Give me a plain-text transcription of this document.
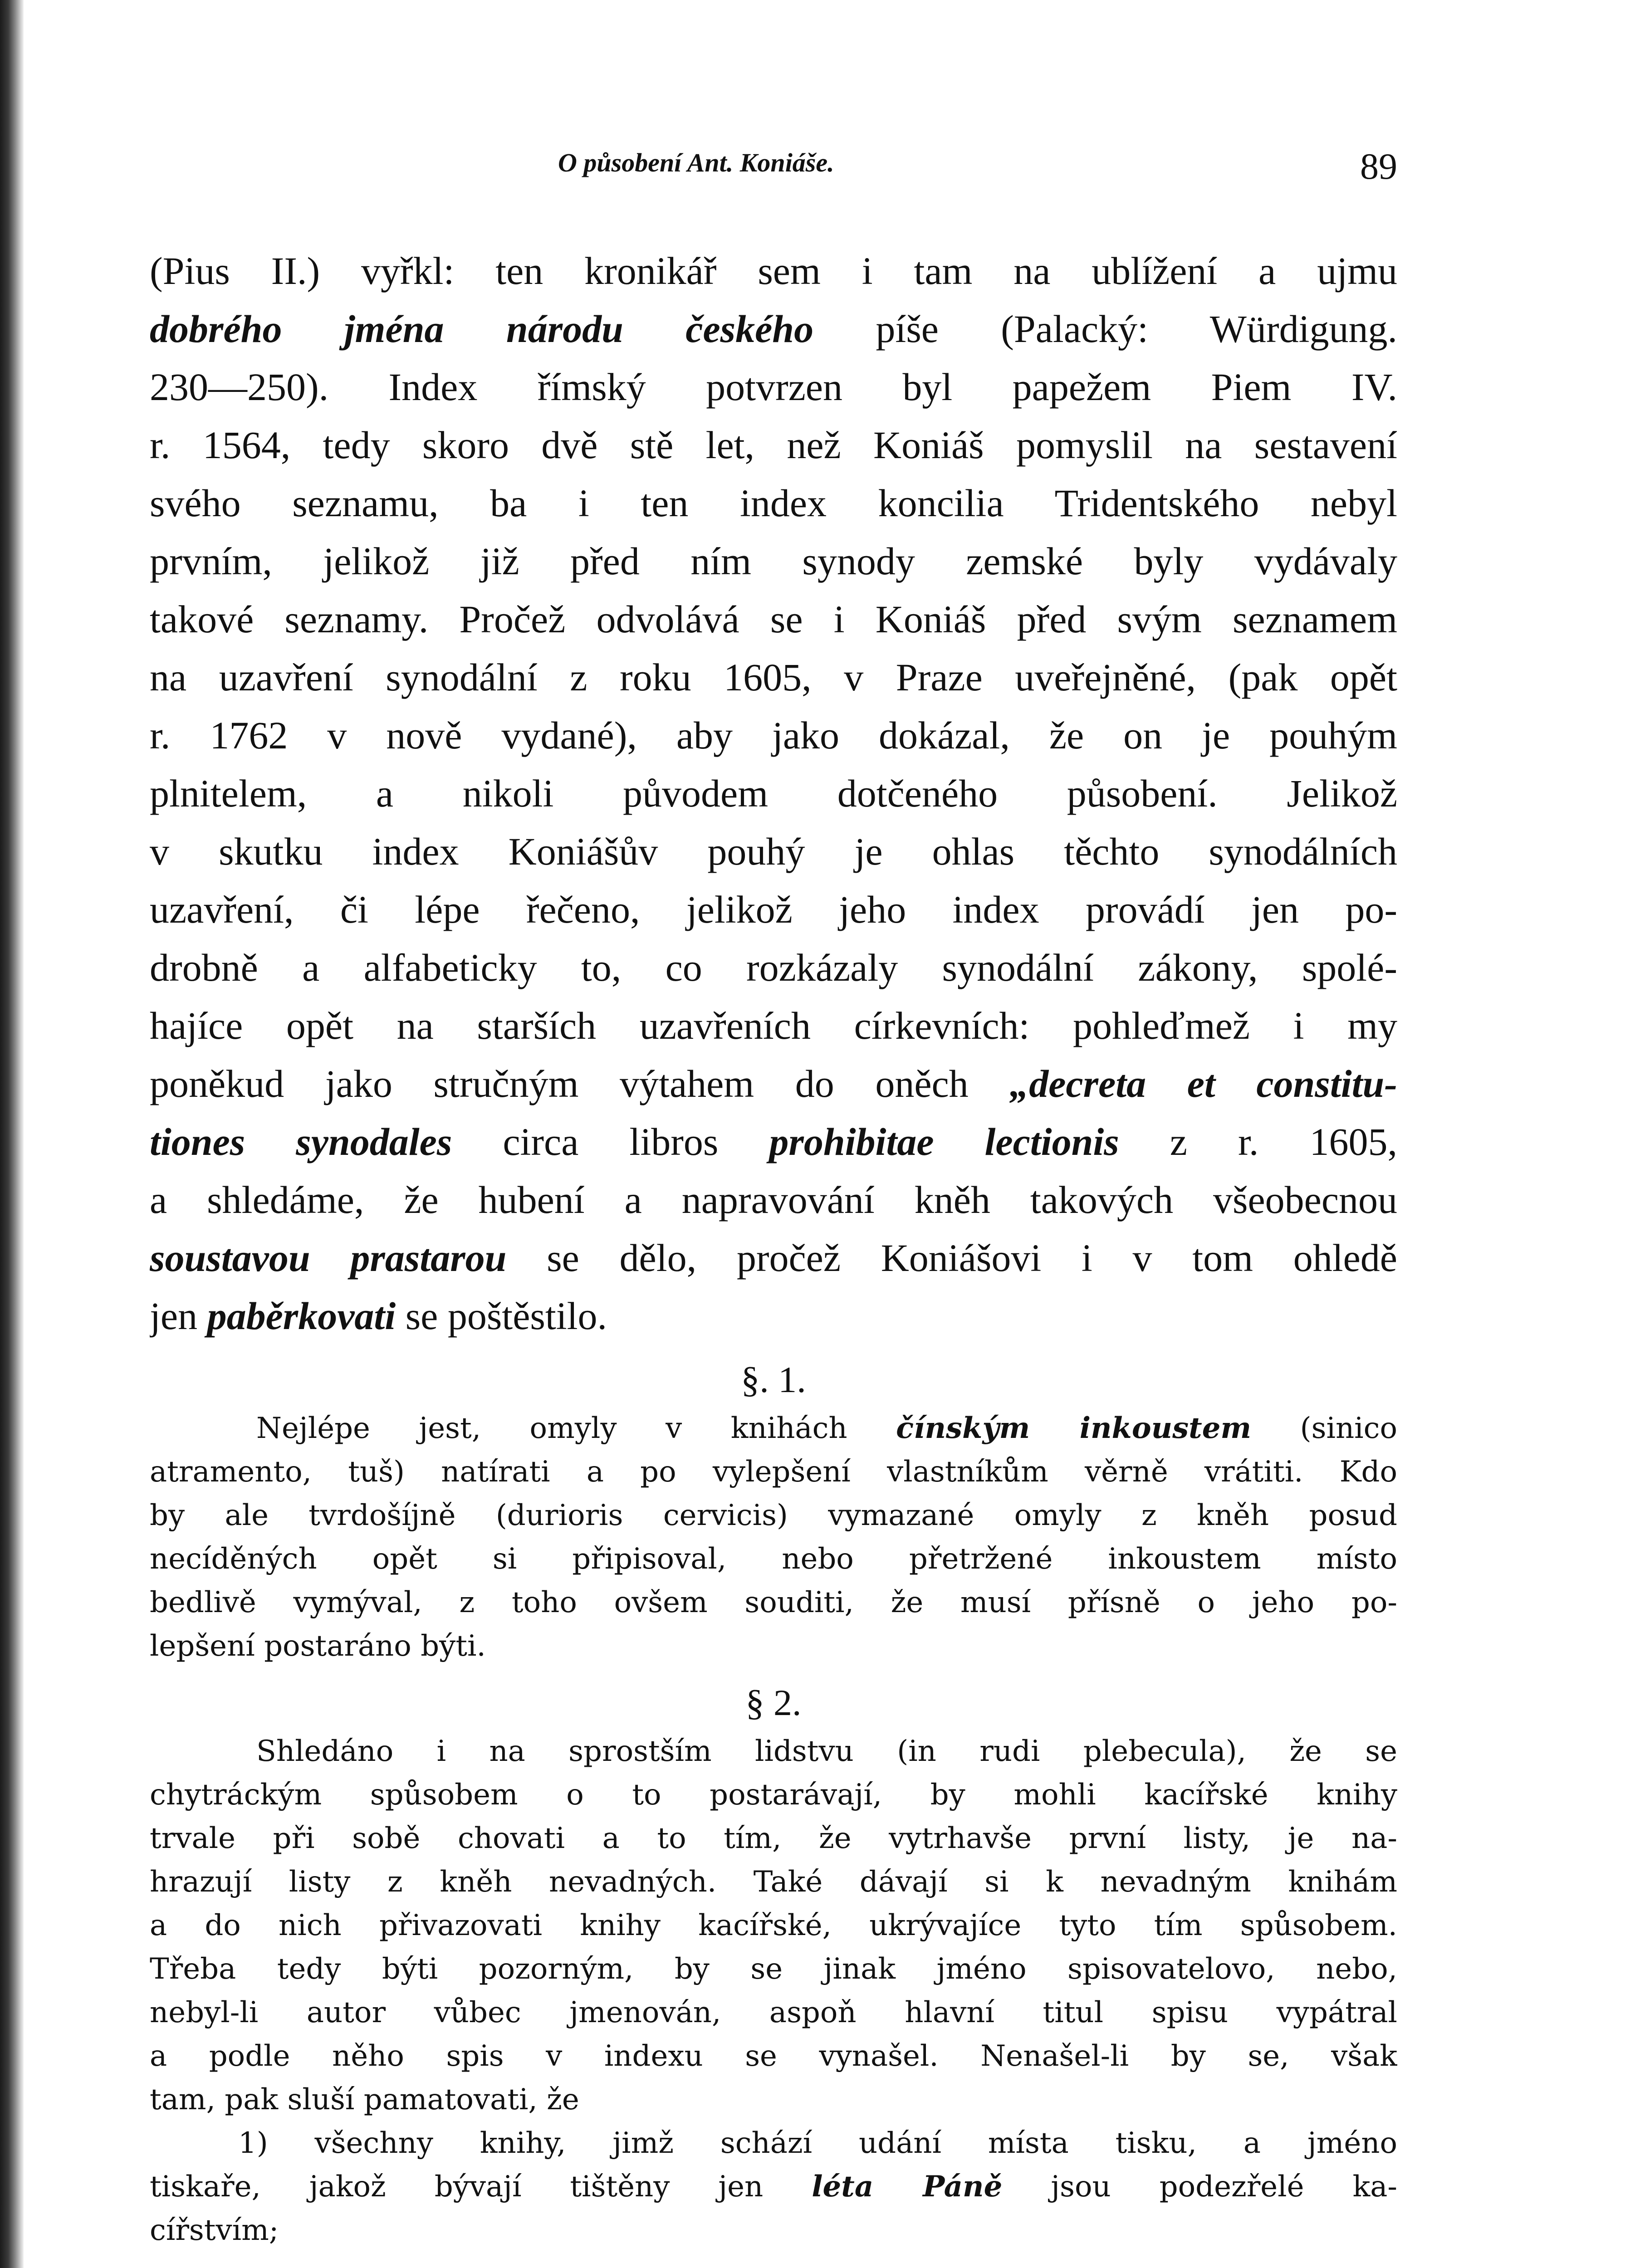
O působení Ant. Koniáše.	89
(Pius II.) vyřkl: ten kronikář sem i tam na ublížení a ujmu
dobrého jména národu českého píše (Palacký: Würdigung.
230—250). Index římský potvrzen byl papežem Piem IV.
r. 1564, tedy skoro dvě stě let, než Koniáš pomyslil na sestavení
svého seznamu, ba i ten index koncilia Tridentského nebyl
prvním, jelikož již před ním synody zemské byly vydávaly
takové seznamy. Pročež odvolává se i Koniáš před svým seznamem
na uzavření synodální z roku 1605, v Praze uveřejněné, (pak opět
r. 1762 v nově vydané), aby jako dokázal, že on je pouhým
plnitelem, a nikoli původem dotčeného působení. Jelikož
v skutku index Koniášův pouhý je ohlas těchto synodálních
uzavření, či lépe řečeno, jelikož jeho index provádí jen po-
drobně a alfabeticky to, co rozkázaly synodální zákony, spolé-
hajíce opět na starších uzavřeních církevních: pohleďmež i my
poněkud jako stručným výtahem do oněch „decreta et constitu-
tiones synodales circa libros prohibitae lectionis z r. 1605,
a shledáme, že hubení a napravování kněh takových všeobecnou
soustavou prastarou se dělo, pročež Koniášovi i v tom ohledě
jen paběrkovati se poštěstilo.
§. 1.
Nejlépe jest, omyly v knihách čínským inkoustem (sinico
atramento, tuš) natírati a po vylepšení vlastníkům věrně vrátiti. Kdo
by ale tvrdošíjně (durioris cervicis) vymazané omyly z kněh posud
necíděných opět si připisoval, nebo přetržené inkoustem místo
bedlivě vymýval, z toho ovšem souditi, že musí přísně o jeho po-
lepšení postaráno býti.
§ 2.
Shledáno i na sprostším lidstvu (in rudi plebecula), že se
chytráckým spůsobem o to postarávají, by mohli kacířské knihy
trvale při sobě chovati a to tím, že vytrhavše první listy, je na-
hrazují listy z kněh nevadných. Také dávají si k nevadným knihám
a do nich přivazovati knihy kacířské, ukrývajíce tyto tím spůsobem.
Třeba tedy býti pozorným, by se jinak jméno spisovatelovo, nebo,
nebyl-li autor vůbec jmenován, aspoň hlavní titul spisu vypátral
a podle něho spis v indexu se vynašel. Nenašel-li by se, však
tam, pak sluší pamatovati, že
1) všechny knihy, jimž schází udání místa tisku, a jméno
tiskaře, jakož bývají tištěny jen léta Páně jsou podezřelé ka-
cířstvím;
